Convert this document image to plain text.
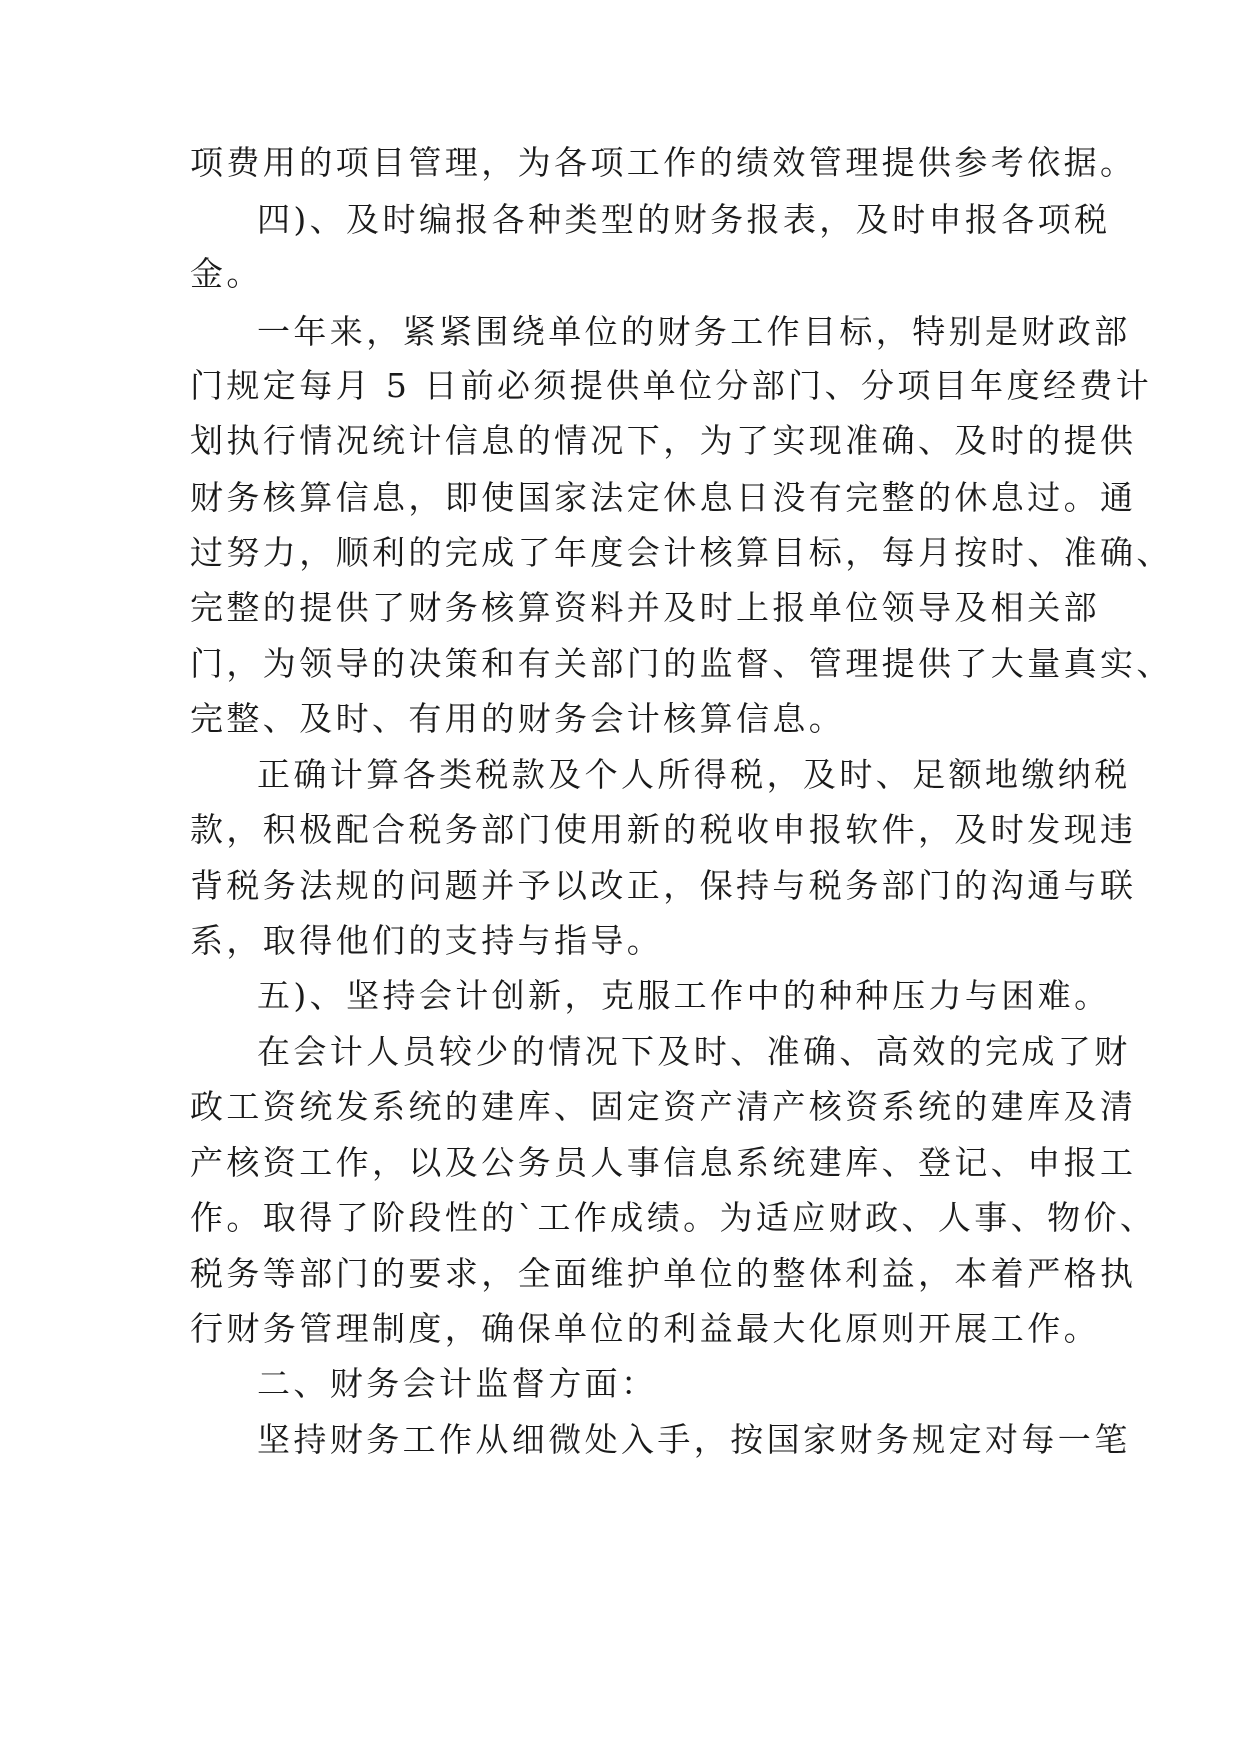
项费用的项目管理，为各项工作的绩效管理提供参考依据。
四)、及时编报各种类型的财务报表，及时申报各项税
金。
一年来，紧紧围绕单位的财务工作目标，特别是财政部
门规定每月 5 日前必须提供单位分部门、分项目年度经费计
划执行情况统计信息的情况下，为了实现准确、及时的提供
财务核算信息，即使国家法定休息日没有完整的休息过。通
过努力，顺利的完成了年度会计核算目标，每月按时、准确、
完整的提供了财务核算资料并及时上报单位领导及相关部
门，为领导的决策和有关部门的监督、管理提供了大量真实、
完整、及时、有用的财务会计核算信息。
正确计算各类税款及个人所得税，及时、足额地缴纳税
款，积极配合税务部门使用新的税收申报软件，及时发现违
背税务法规的问题并予以改正，保持与税务部门的沟通与联
系，取得他们的支持与指导。
五)、坚持会计创新，克服工作中的种种压力与困难。
在会计人员较少的情况下及时、准确、高效的完成了财
政工资统发系统的建库、固定资产清产核资系统的建库及清
产核资工作，以及公务员人事信息系统建库、登记、申报工
作。取得了阶段性的`工作成绩。为适应财政、人事、物价、
税务等部门的要求，全面维护单位的整体利益，本着严格执
行财务管理制度，确保单位的利益最大化原则开展工作。
二、财务会计监督方面：
坚持财务工作从细微处入手，按国家财务规定对每一笔
